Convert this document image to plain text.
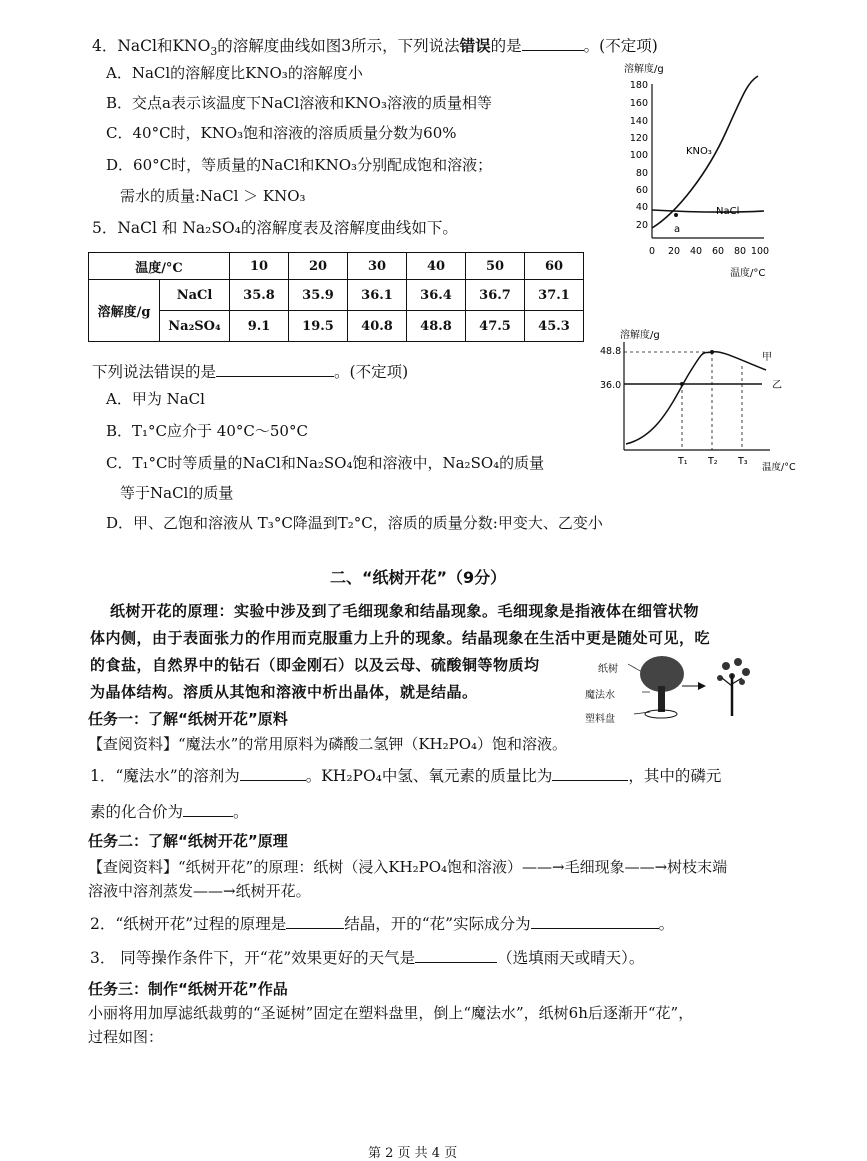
4．NaCl和$KNO_3$的溶解度曲线如图3所示，下列说法错误的是	。(不定项)
A．NaCl的溶解度比KNO₃的溶解度小
B．交点a表示该温度下NaCl溶液和KNO₃溶液的质量相等
C．40°C时，KNO₃饱和溶液的溶质质量分数为60%
D．60°C时，等质量的NaCl和KNO₃分别配成饱和溶液；
需水的质量:NaCl ＞ KNO₃
溶解度/g
180
160
140
120
100
80
60
40
20
0 20 40 60 80 100
温度/°C
a
KNO₃
NaCl
5．NaCl 和 Na₂SO₄的溶解度表及溶解度曲线如下。
温度/°C		10	20	30	40	50	60
溶解度/g	NaCl	35.8	35.9	36.1	36.4	36.7	37.1
	Na₂SO₄	9.1	19.5	40.8	48.8	47.5	45.3
下列说法错误的是	。(不定项)
A．甲为 NaCl
B．T₁°C应介于 40°C～50°C
C．T₁°C时等质量的NaCl和Na₂SO₄饱和溶液中，Na₂SO₄的质量
等于NaCl的质量
D．甲、乙饱和溶液从 T₃°C降温到T₂°C，溶质的质量分数:甲变大、乙变小
溶解度/g
48.8
36.0
甲
乙
T₁ T₂ T₃
温度/°C
二、“纸树开花”（9分）
纸树开花的原理：实验中涉及到了毛细现象和结晶现象。毛细现象是指液体在细管状物
体内侧，由于表面张力的作用而克服重力上升的现象。结晶现象在生活中更是随处可见，吃
的食盐，自然界中的钻石（即金刚石）以及云母、硫酸铜等物质均
为晶体结构。溶质从其饱和溶液中析出晶体，就是结晶。
纸树
魔法水
塑料盘
任务一：了解“纸树开花”原料
【查阅资料】“魔法水”的常用原料为磷酸二氢钾（KH₂PO₄）饱和溶液。
1．“魔法水”的溶剂为	。KH₂PO₄中氢、氧元素的质量比为	，其中的磷元
素的化合价为	。
任务二：了解“纸树开花”原理
【查阅资料】“纸树开花”的原理：纸树（浸入KH₂PO₄饱和溶液）——→毛细现象——→树枝末端
溶液中溶剂蒸发——→纸树开花。
2．“纸树开花”过程的原理是	结晶，开的“花”实际成分为	。
3． 同等操作条件下，开“花”效果更好的天气是	（选填雨天或晴天）。
任务三：制作“纸树开花”作品
小丽将用加厚滤纸裁剪的“圣诞树”固定在塑料盘里，倒上“魔法水”，纸树6h后逐渐开“花”，
过程如图：
第 2 页 共 4 页
